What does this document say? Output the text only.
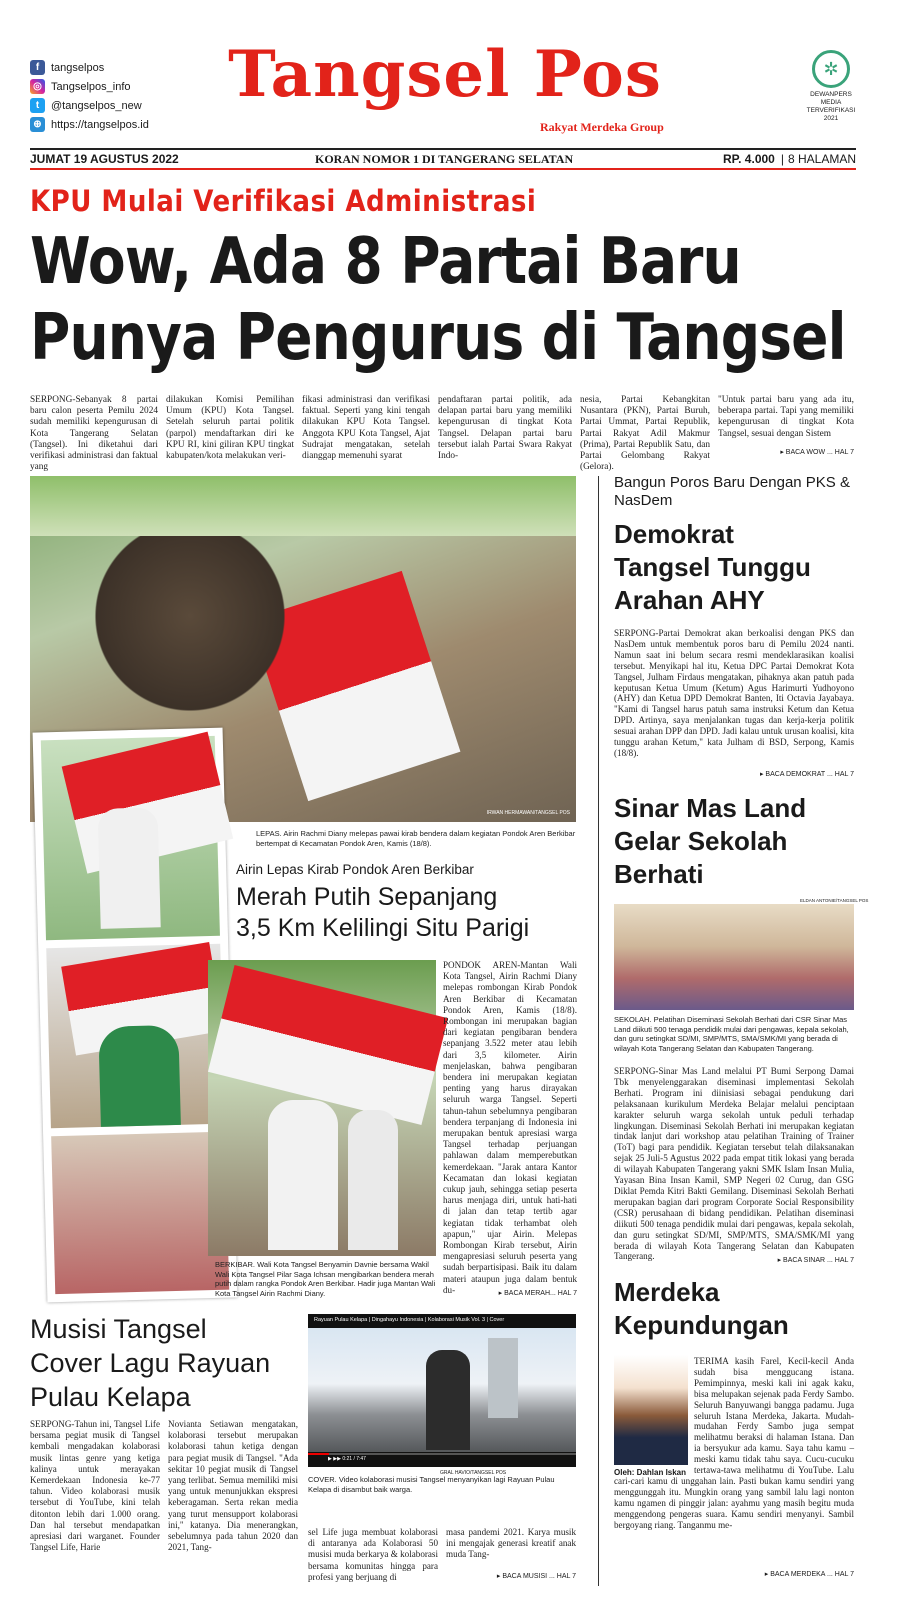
f	tangselpos
◎ Tangselpos_info
t	@tangselpos_new
⊕ https://tangselpos.id
Tangsel Pos
Rakyat Merdeka Group
✲
DEWANPERS
MEDIA
TERVERIFIKASI
2021
JUMAT 19 AGUSTUS 2022	KORAN NOMOR 1 DI TANGERANG SELATAN	RP. 4.000 | 8 HALAMAN
KPU Mulai Verifikasi Administrasi
Wow, Ada 8 Partai Baru
Punya Pengurus di Tangsel
SERPONG-Sebanyak 8 partai baru calon peserta Pemilu 2024 sudah memiliki kepengurusan di Kota Tangerang Selatan (Tangsel). Ini diketahui dari verifikasi administrasi dan faktual yang
dilakukan Komisi Pemilihan Umum (KPU) Kota Tangsel. Setelah seluruh partai politik (parpol) mendaftarkan diri ke KPU RI, kini giliran KPU tingkat kabupaten/kota melakukan veri-
fikasi administrasi dan verifikasi faktual. Seperti yang kini tengah dilakukan KPU Kota Tangsel. Anggota KPU Kota Tangsel, Ajat Sudrajat mengatakan, setelah dianggap memenuhi syarat
pendaftaran partai politik, ada delapan partai baru yang memiliki kepengurusan di tingkat Kota Tangsel. Delapan partai baru tersebut ialah Partai Swara Rakyat Indo-
nesia, Partai Kebangkitan Nusantara (PKN), Partai Buruh, Partai Ummat, Partai Republik, Partai Rakyat Adil Makmur (Prima), Partai Republik Satu, dan Partai Gelombang Rakyat (Gelora).
"Untuk partai baru yang ada itu, beberapa partai. Tapi yang memiliki kepengurusan di tingkat Kota Tangsel, sesuai dengan Sistem
▸ BACA WOW ... HAL 7
IRWAN HERMAWAN/TANGSEL POS
LEPAS. Airin Rachmi Diany melepas pawai kirab bendera dalam kegiatan Pondok Aren Berkibar bertempat di Kecamatan Pondok Aren, Kamis (18/8).
Airin Lepas Kirab Pondok Aren Berkibar
Merah Putih Sepanjang
3,5 Km Kelilingi Situ Parigi
BERKIBAR. Wali Kota Tangsel Benyamin Davnie bersama Wakil Wali Kota Tangsel Pilar Saga Ichsan mengibarkan bendera merah putih dalam rangka Pondok Aren Berkibar. Hadir juga Mantan Wali Kota Tangsel Airin Rachmi Diany.
PONDOK AREN-Mantan Wali Kota Tangsel, Airin Rachmi Diany melepas rombongan Kirab Pondok Aren Berkibar di Kecamatan Pondok Aren, Kamis (18/8). Rombongan ini merupakan bagian dari kegiatan pengibaran bendera sepanjang 3.522 meter atau lebih dari 3,5 kilometer. Airin menjelaskan, bahwa pengibaran bendera ini merupakan kegiatan penting yang harus dirayakan seluruh warga Tangsel. Seperti tahun-tahun sebelumnya pengibaran bendera terpanjang di Indonesia ini merupakan bentuk apresiasi warga Tangsel terhadap perjuangan pahlawan dalam memperebutkan kemerdekaan. "Jarak antara Kantor Kecamatan dan lokasi kegiatan cukup jauh, sehingga setiap peserta harus menjaga diri, untuk hati-hati di jalan dan tetap tertib agar kegiatan tidak terhambat oleh apapun," ujar Airin. Melepas Rombongan Kirab tersebut, Airin mengapresiasi seluruh peserta yang sudah berpartisipasi. Baik itu dalam materi ataupun juga dalam bentuk du-	▸ BACA MERAH... HAL 7
Musisi Tangsel
Cover Lagu Rayuan
Pulau Kelapa
Rayuan Pulau Kelapa | Dingahayu Indonesia | Kolaborasi Musik Vol. 3 | Cover
▶ ▶▶ 0:21 / 7:47
GRAL HAVIO/TANGSEL POS
COVER. Video kolaborasi musisi Tangsel menyanyikan lagi Rayuan Pulau Kelapa di disambut baik warga.
SERPONG-Tahun ini, Tangsel Life bersama pegiat musik di Tangsel kembali mengadakan kolaborasi musik lintas genre yang ketiga kalinya untuk merayakan Kemerdekaan Indonesia ke-77 tahun. Video kolaborasi musik tersebut di YouTube, kini telah ditonton lebih dari 1.000 orang. Dan hal tersebut mendapatkan apresiasi dari warganet. Founder Tangsel Life, Harie
Novianta Setiawan mengatakan, kolaborasi tersebut merupakan kolaborasi tahun ketiga dengan para pegiat musik di Tangsel. "Ada sekitar 10 pegiat musik di Tangsel yang terlibat. Semua memiliki misi yang untuk menunjukkan ekspresi keberagaman. Serta rekan media yang turut mensupport kolaborasi ini," katanya. Dia menerangkan, sebelumnya pada tahun 2020 dan 2021, Tang-
sel Life juga membuat kolaborasi di antaranya ada Kolaborasi 50 musisi muda berkarya & kolaborasi bersama komunitas hingga para profesi yang berjuang di
masa pandemi 2021. Karya musik ini mengajak generasi kreatif anak muda Tang-
▸ BACA MUSISI ... HAL 7
Bangun Poros Baru Dengan PKS & NasDem
Demokrat
Tangsel Tunggu
Arahan AHY
SERPONG-Partai Demokrat akan berkoalisi dengan PKS dan NasDem untuk membentuk poros baru di Pemilu 2024 nanti. Namun saat ini belum secara resmi mendeklarasikan koalisi tersebut. Menyikapi hal itu, Ketua DPC Partai Demokrat Kota Tangsel, Julham Firdaus mengatakan, pihaknya akan patuh pada keputusan Ketua Umum (Ketum) Agus Harimurti Yudhoyono (AHY) dan Ketua DPD Demokrat Banten, Iti Octavia Jayabaya. "Kami di Tangsel harus patuh sama instruksi Ketum dan Ketua DPD. Artinya, saya menjalankan tugas dan kerja-kerja politik sesuai arahan DPP dan DPD. Jadi kalau untuk urusan koalisi, kita tunggu arahan Ketum," kata Julham di BSD, Serpong, Kamis (18/8).
▸ BACA DEMOKRAT ... HAL 7
Sinar Mas Land
Gelar Sekolah
Berhati
ELDAN ANTONIE/TANGSEL POS
SEKOLAH. Pelatihan Diseminasi Sekolah Berhati dari CSR Sinar Mas Land diikuti 500 tenaga pendidik mulai dari pengawas, kepala sekolah, dan guru setingkat SD/MI, SMP/MTS, SMA/SMK/MI yang berada di wilayah Kota Tangerang Selatan dan Kabupaten Tangerang.
SERPONG-Sinar Mas Land melalui PT Bumi Serpong Damai Tbk menyelenggarakan diseminasi implementasi Sekolah Berhati. Program ini diinisiasi sebagai pendukung dari pelaksanaan kurikulum Merdeka Belajar melalui penciptaan karakter seluruh warga sekolah untuk peduli terhadap lingkungan. Diseminasi Sekolah Berhati ini merupakan kegiatan tindak lanjut dari workshop atau pelatihan Training of Trainer (ToT) bagi para pendidik. Kegiatan tersebut telah dilaksanakan sejak 25 Juli-5 Agustus 2022 pada empat titik lokasi yang berada di wilayah Kabupaten Tangerang yakni SMK Islam Insan Mulia, Yayasan Bina Insan Kamil, SMP Negeri 02 Curug, dan GSG Diklat Pemda Kitri Bakti Gemilang. Diseminasi Sekolah Berhati merupakan bagian dari program Corporate Social Responsibility (CSR) perusahaan di bidang pendidikan. Pelatihan diseminasi diikuti 500 tenaga pendidik mulai dari pengawas, kepala sekolah, dan guru setingkat SD/MI, SMP/MTS, SMA/SMK/MI yang berada di wilayah Kota Tangerang Selatan dan Kabupaten Tangerang.	▸ BACA SINAR ... HAL 7
Merdeka
Kepundungan
Oleh: Dahlan Iskan
TERIMA kasih Farel, Kecil-kecil Anda sudah bisa menggucang istana. Pemimpinnya, meski kali ini agak kaku, bisa melupakan sejenak pada Ferdy Sambo. Seluruh Banyuwangi bangga padamu. Juga seluruh Istana Merdeka, Jakarta. Mudah-mudahan Ferdy Sambo juga sempat melihatmu beraksi di halaman Istana. Dan ia bersyukur ada kamu. Saya tahu kamu –meski kamu tidak tahu saya. Cucu-cucuku tertawa-tawa melihatmu di YouTube. Lalu cari-cari kamu di unggahan lain. Pasti bukan kamu sendiri yang menggunggah itu. Mungkin orang yang sambil lalu lagi nonton kamu ngamen di pinggir jalan: ayahmu yang masih begitu muda menggendong pengeras suara. Kamu sendiri menyanyi. Sambil bergoyang riang. Tanganmu me-
▸ BACA MERDEKA ... HAL 7
